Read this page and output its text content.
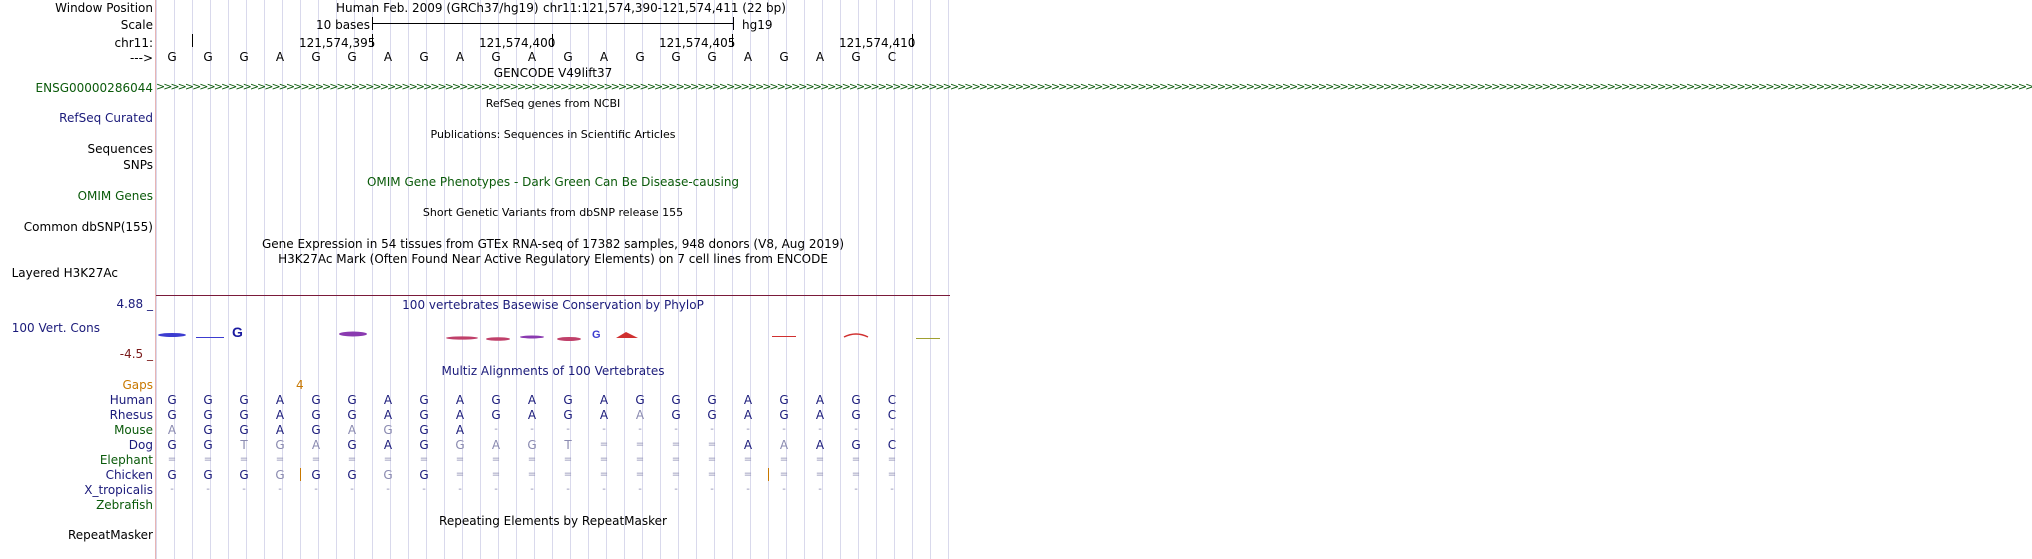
Window Position
Scale
chr11:
--->
ENSG00000286044
RefSeq Curated
Sequences
SNPs
OMIM Genes
Common dbSNP(155)
Layered H3K27Ac
4.88 _
100 Vert. Cons
-4.5 _
Gaps
Human
Rhesus
Mouse
Dog
Elephant
Chicken
X_tropicalis
Zebrafish
RepeatMasker
Human Feb. 2009 (GRCh37/hg19) chr11:121,574,390-121,574,411 (22 bp)
10 bases	hg19
121,574,395	121,574,400	121,574,405	121,574,410
G	G	G	A	G	G	A	G	A	G	A	G	A	G	G	G	A	G	A	G	C
GENCODE V49lift37
>>>>>>>>>>>>>>>>>>>>>>>>>>>>>>>>>>>>>>>>>>>>>>>>>>>>>>>>>>>>>>>>>>>>>>>>>>>>>>>>>>>>>>>>>>>>>>>>>>>>>>>>>>>>>>>>>>>>>>>>>>>>>>>>>>>>>>>>>>>>>>>>>>>>>>>>>>>>>>>>>>>>>>>>>>>>>>>>>>>>>>>>>>>>>>>>>>>>>>>>>>>>>>>>>>>>>>>>>>>>>>>>>>>>>>>>>>>>>>>>>>>>>>>>>>>>>>>>>>>>
RefSeq genes from NCBI
Publications: Sequences in Scientific Articles
OMIM Gene Phenotypes - Dark Green Can Be Disease-causing
Short Genetic Variants from dbSNP release 155
Gene Expression in 54 tissues from GTEx RNA-seq of 17382 samples, 948 donors (V8, Aug 2019)
H3K27Ac Mark (Often Found Near Active Regulatory Elements) on 7 cell lines from ENCODE
100 vertebrates Basewise Conservation by PhyloP
G	G
Multiz Alignments of 100 Vertebrates
4
G	G	G	A	G	G	A	G	A	G	A	G	A	G	G	G	A	G	A	G	C
G	G	G	A	G	G	A	G	A	G	A	G	A	A	G	G	A	G	A	G	C
A	G	G	A	G	A	G	G	A	-	-	-	-	-	-	-	-	-	-	-	-
G	G	T	G	A	G	A	G	G	A	G	T	=	=	=	=	A	A	A	G	C
=	=	=	=	=	=	=	=	=	=	=	=	=	=	=	=	=	=	=	=	=
G	G	G	G	G	G	G	G	=	=	=	=	=	=	=	=	=	=	=	=	=
-	-	-	-	-	-	-	-	-	-	-	-	-	-	-	-	-	-	-	-	-
Repeating Elements by RepeatMasker
